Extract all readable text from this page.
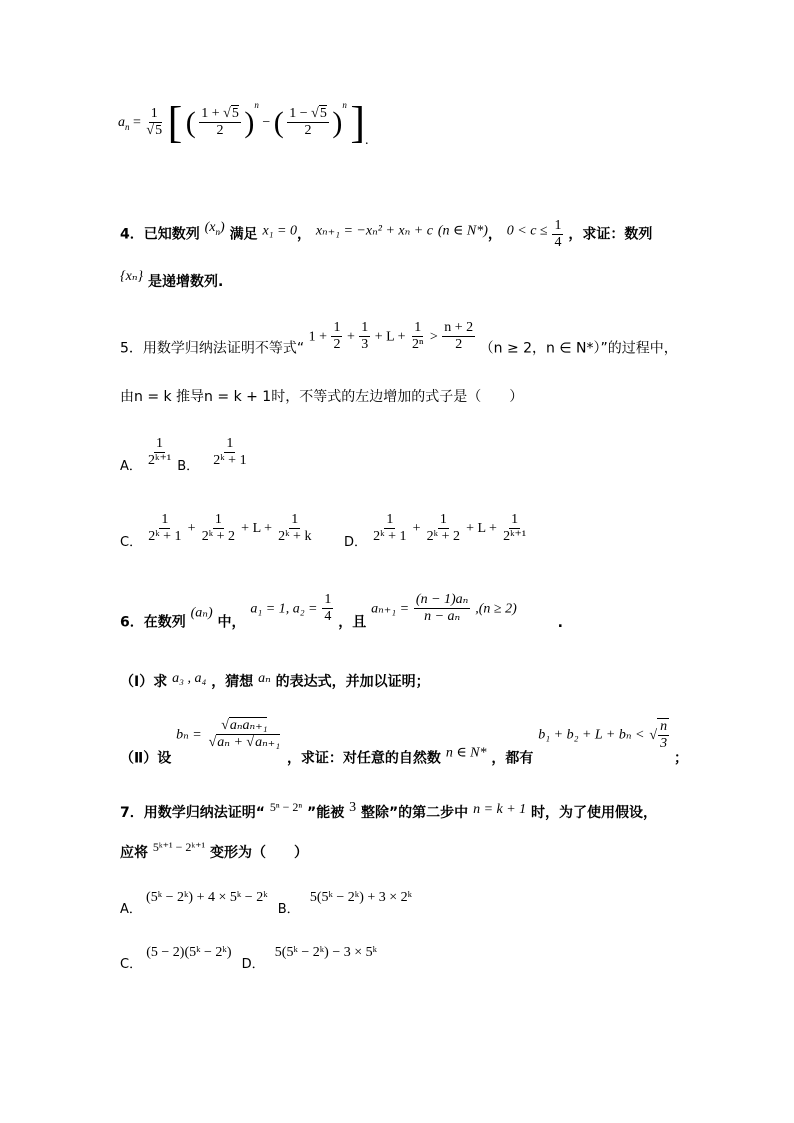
$a_n = \frac{1}{√5}$ [ ( $\frac{1 + √5}{2} )^n$ − ( $\frac{1 - √5}{2} )^n$ ].
4．已知数列 $(x_n)$ 满足 x₁ = 0， xₙ₊₁ = −xₙ² + xₙ + c (n ∈ N*)， $0 < c \le \frac{1}{4}$ ，求证：数列
{xₙ} 是递增数列.
5．用数学归纳法证明不等式“ $1 + \frac{1}{2} + \frac{1}{3} + L + \frac{1}{\text{2ⁿ}} > \frac{n + 2}{2} (n \ge 2$，n ∈ N*）”的过程中，
由n = k 推导n = k + 1时，不等式的左边增加的式子是（　　）
A． $\frac{1}{\text{2ᵏ⁺¹}}$ B． $\frac{1}{\text{2ᵏ + 1}}$
C． $\frac{1}{\text{2ᵏ + 1}} + \frac{1}{\text{2ᵏ + 2}} + L + \frac{1}{\text{2ᵏ + k}}$ D． $\frac{1}{\text{2ᵏ + 1}} + \frac{1}{\text{2ᵏ + 2}} + L + \frac{1}{\text{2ᵏ⁺¹}}$
6．在数列 (aₙ) 中， a₁ = 1, $a_2 = \frac{1}{4}$ ，且 $a_{n+1} = \frac{\text{(n − 1)aₙ}}{\text{n − aₙ}} ,(n \ge 2)$ .
（Ⅰ）求 a₃ , a₄ ，猜想 aₙ 的表达式，并加以证明；
（Ⅱ）设 $b_n = \frac{\text{√aₙaₙ₊₁}}{\text{√aₙ + √aₙ₊₁}}$
，求证：对任意的自然数 n ∈ N* ，都有 b₁ + b₂ + L + bₙ < √ $\frac{n}{3}$
；
7．用数学归纳法证明“ 5ⁿ − 2ⁿ ”能被 3 整除”的第二步中 n = k + 1 时，为了使用假设，
应将 5ᵏ⁺¹ − 2ᵏ⁺¹ 变形为（　　）
A． (5ᵏ − 2ᵏ) + 4 × 5ᵏ − 2ᵏ B． 5(5ᵏ − 2ᵏ) + 3 × 2ᵏ
C． (5 − 2)(5ᵏ − 2ᵏ) D． 5(5ᵏ − 2ᵏ) − 3 × 5ᵏ
